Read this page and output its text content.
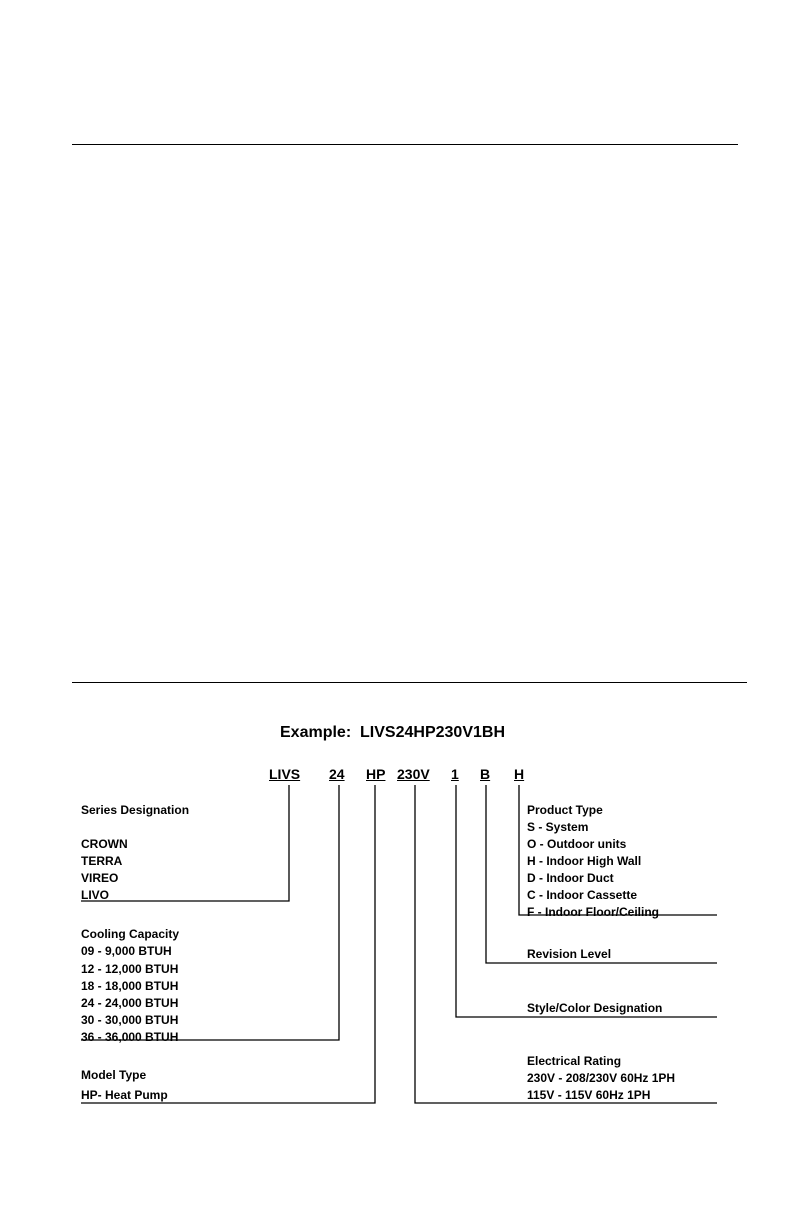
Example: LIVS24HP230V1BH
LIVS 24 HP 230V 1 B H
Series Designation
CROWN
TERRA
VIREO
LIVO
Cooling Capacity
09 - 9,000 BTUH
12 - 12,000 BTUH
18 - 18,000 BTUH
24 - 24,000 BTUH
30 - 30,000 BTUH
36 - 36,000 BTUH
Model Type
HP- Heat Pump
Product Type
S - System
O - Outdoor units
H - Indoor High Wall
D - Indoor Duct
C - Indoor Cassette
F - Indoor Floor/Ceiling
Revision Level
Style/Color Designation
Electrical Rating
230V - 208/230V 60Hz 1PH
115V - 115V 60Hz 1PH
